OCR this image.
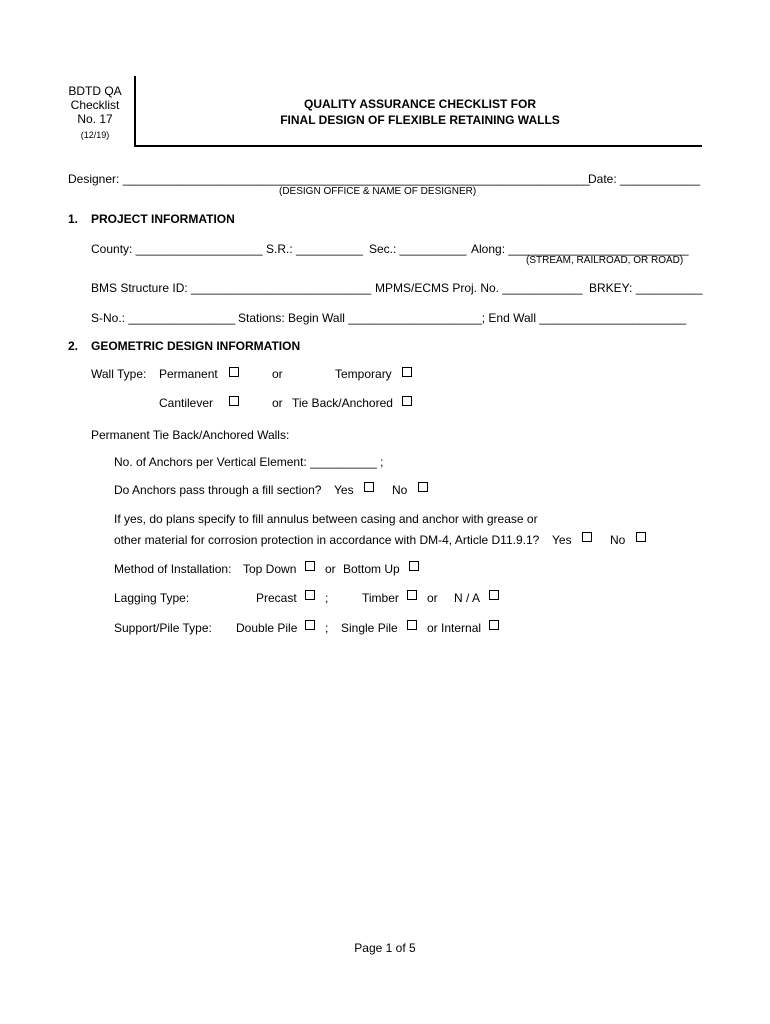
BDTD QA
Checklist
No. 17
(12/19)
QUALITY ASSURANCE CHECKLIST FOR
FINAL DESIGN OF FLEXIBLE RETAINING WALLS
Designer: ______________________________________________________________________
(DESIGN OFFICE & NAME OF DESIGNER)
Date: ____________
1. PROJECT INFORMATION
County: ___________________ S.R.: __________ Sec.: __________ Along: ___________________________
(STREAM, RAILROAD, OR ROAD)
BMS Structure ID: ___________________________ MPMS/ECMS Proj. No. ____________ BRKEY: __________
S-No.: ________________ Stations: Begin Wall ____________________; End Wall ______________________
2. GEOMETRIC DESIGN INFORMATION
Wall Type: Permanent	or	Temporary
Cantilever	or Tie Back/Anchored
Permanent Tie Back/Anchored Walls:
No. of Anchors per Vertical Element: __________ ;
Do Anchors pass through a fill section? Yes	No
If yes, do plans specify to fill annulus between casing and anchor with grease or
other material for corrosion protection in accordance with DM-4, Article D11.9.1? Yes	No
Method of Installation: Top Down or Bottom Up
Lagging Type:	Precast ;	Timber or N / A
Support/Pile Type: Double Pile ; Single Pile or Internal
Page 1 of 5
